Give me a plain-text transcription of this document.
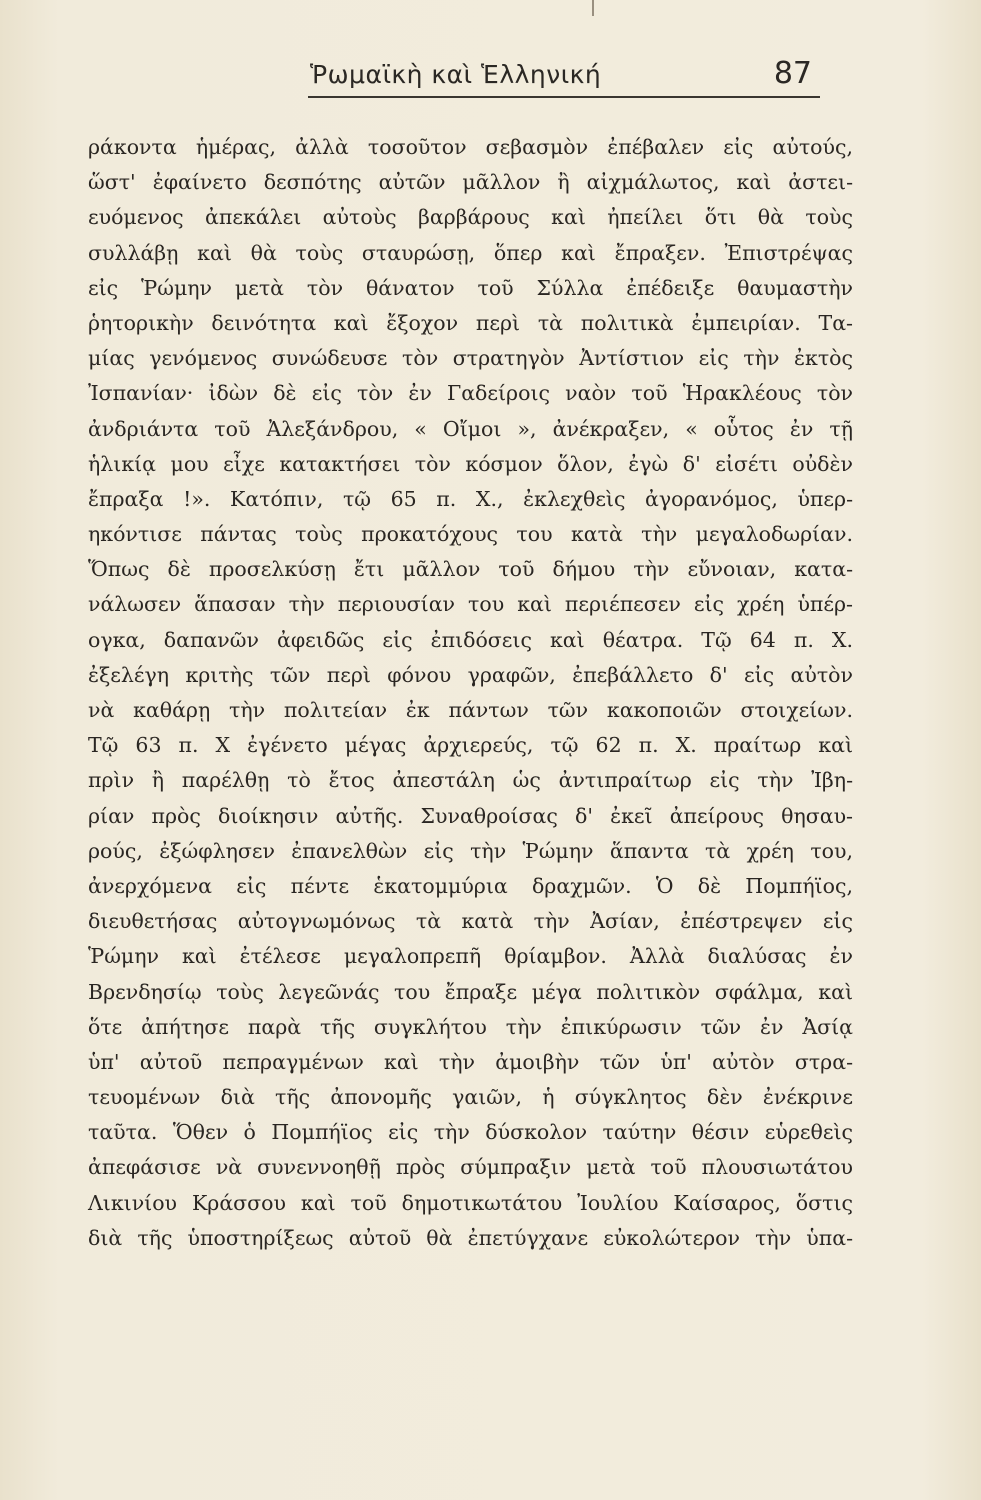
Ῥωμαϊκὴ καὶ Ἑλληνική	87
ράκοντα ἡμέρας, ἀλλὰ τοσοῦτον σεβασμὸν ἐπέβαλεν εἰς αὐτούς,
ὥστ' ἐφαίνετο δεσπότης αὐτῶν μᾶλλον ἢ αἰχμάλωτος, καὶ ἀστει-
ευόμενος ἀπεκάλει αὐτοὺς βαρβάρους καὶ ἠπείλει ὅτι θὰ τοὺς
συλλάβῃ καὶ θὰ τοὺς σταυρώσῃ, ὅπερ καὶ ἔπραξεν. Ἐπιστρέψας
εἰς Ῥώμην μετὰ τὸν θάνατον τοῦ Σύλλα ἐπέδειξε θαυμαστὴν
ῥητορικὴν δεινότητα καὶ ἔξοχον περὶ τὰ πολιτικὰ ἐμπειρίαν. Τα-
μίας γενόμενος συνώδευσε τὸν στρατηγὸν Ἀντίστιον εἰς τὴν ἐκτὸς
Ἰσπανίαν· ἰδὼν δὲ εἰς τὸν ἐν Γαδείροις ναὸν τοῦ Ἡρακλέους τὸν
ἀνδριάντα τοῦ Ἀλεξάνδρου, « Οἴμοι », ἀνέκραξεν, « οὗτος ἐν τῇ
ἡλικίᾳ μου εἶχε κατακτήσει τὸν κόσμον ὅλον, ἐγὼ δ' εἰσέτι οὐδὲν
ἔπραξα !». Κατόπιν, τῷ 65 π. Χ., ἐκλεχθεὶς ἀγορανόμος, ὑπερ-
ηκόντισε πάντας τοὺς προκατόχους του κατὰ τὴν μεγαλοδωρίαν.
Ὅπως δὲ προσελκύσῃ ἔτι μᾶλλον τοῦ δήμου τὴν εὔνοιαν, κατα-
νάλωσεν ἅπασαν τὴν περιουσίαν του καὶ περιέπεσεν εἰς χρέη ὑπέρ-
ογκα, δαπανῶν ἀφειδῶς εἰς ἐπιδόσεις καὶ θέατρα. Τῷ 64 π. Χ.
ἐξελέγη κριτὴς τῶν περὶ φόνου γραφῶν, ἐπεβάλλετο δ' εἰς αὐτὸν
νὰ καθάρῃ τὴν πολιτείαν ἐκ πάντων τῶν κακοποιῶν στοιχείων.
Τῷ 63 π. Χ ἐγένετο μέγας ἀρχιερεύς, τῷ 62 π. Χ. πραίτωρ καὶ
πρὶν ἢ παρέλθῃ τὸ ἔτος ἀπεστάλη ὡς ἀντιπραίτωρ εἰς τὴν Ἰβη-
ρίαν πρὸς διοίκησιν αὐτῆς. Συναθροίσας δ' ἐκεῖ ἀπείρους θησαυ-
ρούς, ἐξώφλησεν ἐπανελθὼν εἰς τὴν Ῥώμην ἅπαντα τὰ χρέη του,
ἀνερχόμενα εἰς πέντε ἑκατομμύρια δραχμῶν. Ὁ δὲ Πομπήϊος,
διευθετήσας αὐτογνωμόνως τὰ κατὰ τὴν Ἀσίαν, ἐπέστρεψεν εἰς
Ῥώμην καὶ ἐτέλεσε μεγαλοπρεπῆ θρίαμβον. Ἀλλὰ διαλύσας ἐν
Βρενδησίῳ τοὺς λεγεῶνάς του ἔπραξε μέγα πολιτικὸν σφάλμα, καὶ
ὅτε ἀπήτησε παρὰ τῆς συγκλήτου τὴν ἐπικύρωσιν τῶν ἐν Ἀσίᾳ
ὑπ' αὐτοῦ πεπραγμένων καὶ τὴν ἀμοιβὴν τῶν ὑπ' αὐτὸν στρα-
τευομένων διὰ τῆς ἀπονομῆς γαιῶν, ἡ σύγκλητος δὲν ἐνέκρινε
ταῦτα. Ὅθεν ὁ Πομπήϊος εἰς τὴν δύσκολον ταύτην θέσιν εὑρεθεὶς
ἀπεφάσισε νὰ συνεννοηθῇ πρὸς σύμπραξιν μετὰ τοῦ πλουσιωτάτου
Λικινίου Κράσσου καὶ τοῦ δημοτικωτάτου Ἰουλίου Καίσαρος, ὅστις
διὰ τῆς ὑποστηρίξεως αὐτοῦ θὰ ἐπετύγχανε εὐκολώτερον τὴν ὑπα-
